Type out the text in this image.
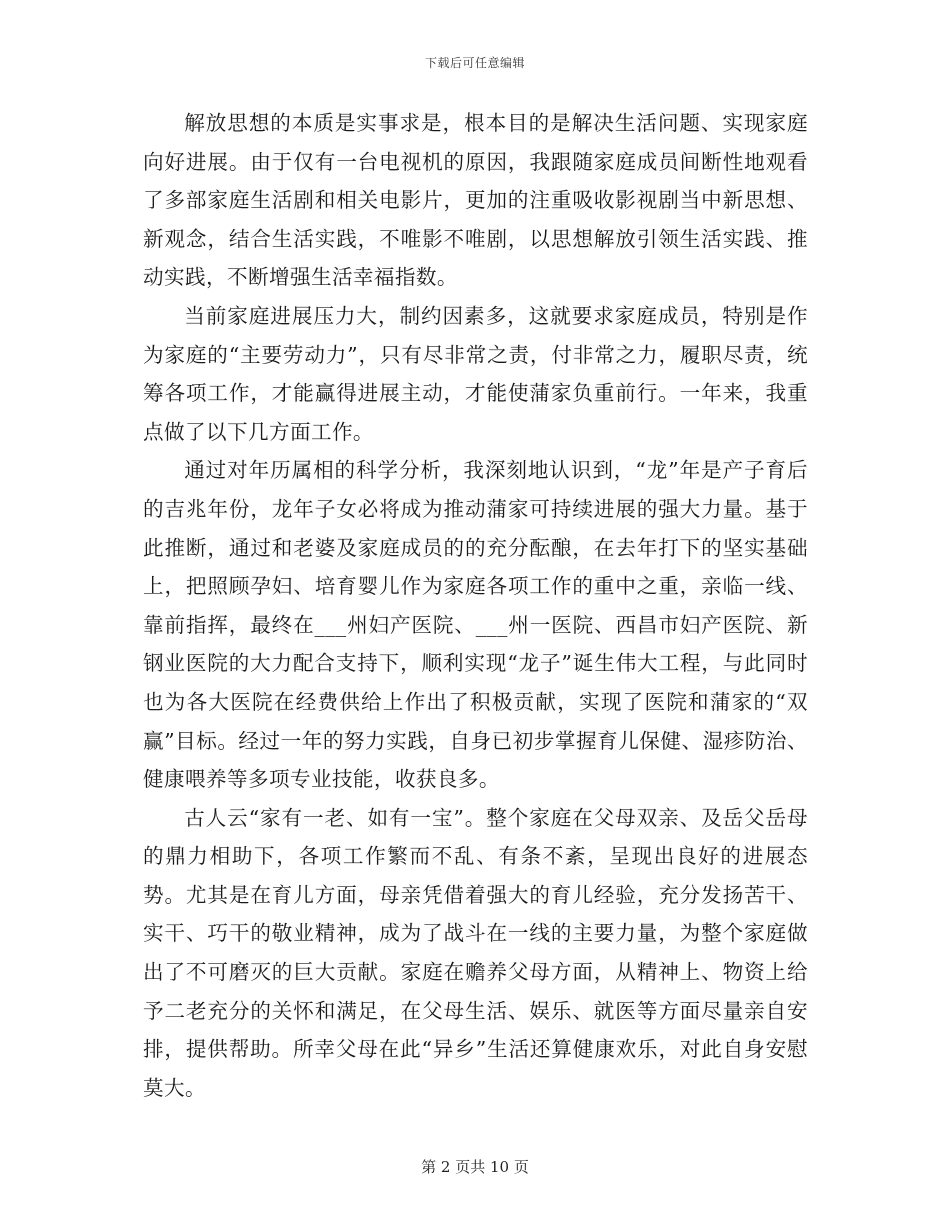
下载后可任意编辑

解放思想的本质是实事求是，根本目的是解决生活问题、实现家庭向好进展。由于仅有一台电视机的原因，我跟随家庭成员间断性地观看了多部家庭生活剧和相关电影片，更加的注重吸收影视剧当中新思想、新观念，结合生活实践，不唯影不唯剧，以思想解放引领生活实践、推动实践，不断增强生活幸福指数。

当前家庭进展压力大，制约因素多，这就要求家庭成员，特别是作为家庭的“主要劳动力”，只有尽非常之责，付非常之力，履职尽责，统筹各项工作，才能赢得进展主动，才能使蒲家负重前行。一年来，我重点做了以下几方面工作。

通过对年历属相的科学分析，我深刻地认识到，“龙”年是产子育后的吉兆年份，龙年子女必将成为推动蒲家可持续进展的强大力量。基于此推断，通过和老婆及家庭成员的的充分酝酿，在去年打下的坚实基础上，把照顾孕妇、培育婴儿作为家庭各项工作的重中之重，亲临一线、靠前指挥，最终在___州妇产医院、___州一医院、西昌市妇产医院、新钢业医院的大力配合支持下，顺利实现“龙子”诞生伟大工程，与此同时也为各大医院在经费供给上作出了积极贡献，实现了医院和蒲家的“双赢”目标。经过一年的努力实践，自身已初步掌握育儿保健、湿疹防治、健康喂养等多项专业技能，收获良多。

古人云“家有一老、如有一宝”。整个家庭在父母双亲、及岳父岳母的鼎力相助下，各项工作繁而不乱、有条不紊，呈现出良好的进展态势。尤其是在育儿方面，母亲凭借着强大的育儿经验，充分发扬苦干、实干、巧干的敬业精神，成为了战斗在一线的主要力量，为整个家庭做出了不可磨灭的巨大贡献。家庭在赡养父母方面，从精神上、物资上给予二老充分的关怀和满足，在父母生活、娱乐、就医等方面尽量亲自安排，提供帮助。所幸父母在此“异乡”生活还算健康欢乐，对此自身安慰莫大。

第 2 页共 10 页
